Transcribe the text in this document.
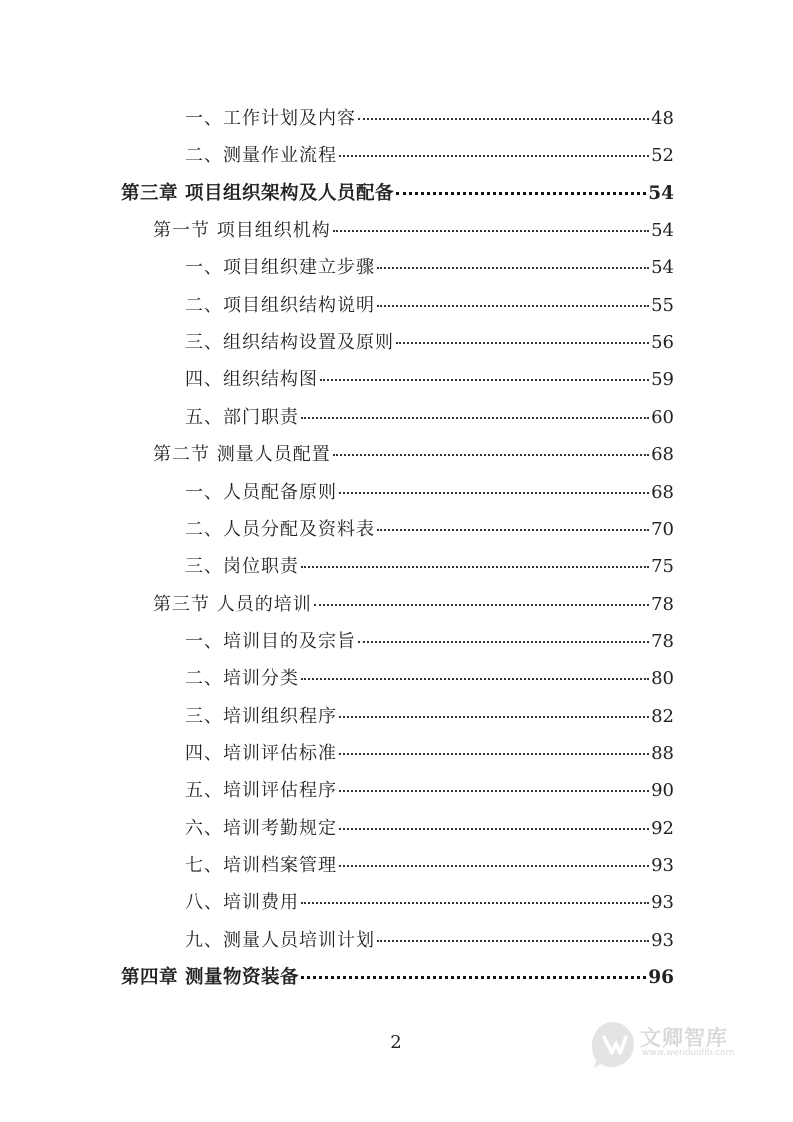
一、工作计划及内容	48
二、测量作业流程	52
第三章 项目组织架构及人员配备	54
第一节 项目组织机构	54
一、项目组织建立步骤	54
二、项目组织结构说明	55
三、组织结构设置及原则	56
四、组织结构图	59
五、部门职责	60
第二节 测量人员配置	68
一、人员配备原则	68
二、人员分配及资料表	70
三、岗位职责	75
第三节 人员的培训	78
一、培训目的及宗旨	78
二、培训分类	80
三、培训组织程序	82
四、培训评估标准	88
五、培训评估程序	90
六、培训考勤规定	92
七、培训档案管理	93
八、培训费用	93
九、测量人员培训计划	93
第四章 测量物资装备	96
2	文卿智库
www.wenduolib.com
